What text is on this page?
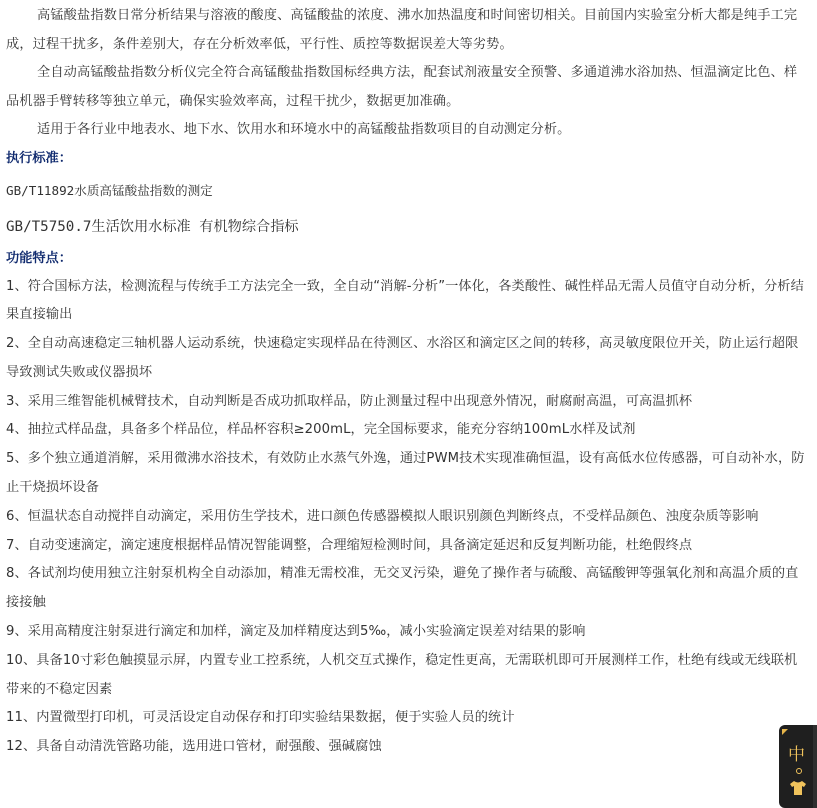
高锰酸盐指数日常分析结果与溶液的酸度、高锰酸盐的浓度、沸水加热温度和时间密切相关。目前国内实验室分析大都是纯手工完成，过程干扰多，条件差别大，存在分析效率低，平行性、质控等数据误差大等劣势。

全自动高锰酸盐指数分析仪完全符合高锰酸盐指数国标经典方法，配套试剂液量安全预警、多通道沸水浴加热、恒温滴定比色、样品机器手臂转移等独立单元，确保实验效率高，过程干扰少，数据更加准确。

适用于各行业中地表水、地下水、饮用水和环境水中的高锰酸盐指数项目的自动测定分析。

执行标准：

GB/T11892水质高锰酸盐指数的测定

GB/T5750.7生活饮用水标准 有机物综合指标

功能特点：

1、符合国标方法，检测流程与传统手工方法完全一致，全自动“消解-分析”一体化，各类酸性、碱性样品无需人员值守自动分析，分析结果直接输出

2、全自动高速稳定三轴机器人运动系统，快速稳定实现样品在待测区、水浴区和滴定区之间的转移，高灵敏度限位开关，防止运行超限导致测试失败或仪器损坏

3、采用三维智能机械臂技术，自动判断是否成功抓取样品，防止测量过程中出现意外情况，耐腐耐高温，可高温抓杯

4、抽拉式样品盘，具备多个样品位，样品杯容积≥200mL，完全国标要求，能充分容纳100mL水样及试剂

5、多个独立通道消解，采用微沸水浴技术，有效防止水蒸气外逸，通过PWM技术实现准确恒温，设有高低水位传感器，可自动补水，防止干烧损坏设备

6、恒温状态自动搅拌自动滴定，采用仿生学技术，进口颜色传感器模拟人眼识别颜色判断终点，不受样品颜色、浊度杂质等影响

7、自动变速滴定，滴定速度根据样品情况智能调整，合理缩短检测时间，具备滴定延迟和反复判断功能，杜绝假终点

8、各试剂均使用独立注射泵机构全自动添加，精准无需校准，无交叉污染，避免了操作者与硫酸、高锰酸钾等强氧化剂和高温介质的直接接触

9、采用高精度注射泵进行滴定和加样，滴定及加样精度达到5‰，减小实验滴定误差对结果的影响

10、具备10寸彩色触摸显示屏，内置专业工控系统，人机交互式操作，稳定性更高，无需联机即可开展测样工作，杜绝有线或无线联机带来的不稳定因素

11、内置微型打印机，可灵活设定自动保存和打印实验结果数据，便于实验人员的统计

12、具备自动清洗管路功能，选用进口管材，耐强酸、强碱腐蚀	中
